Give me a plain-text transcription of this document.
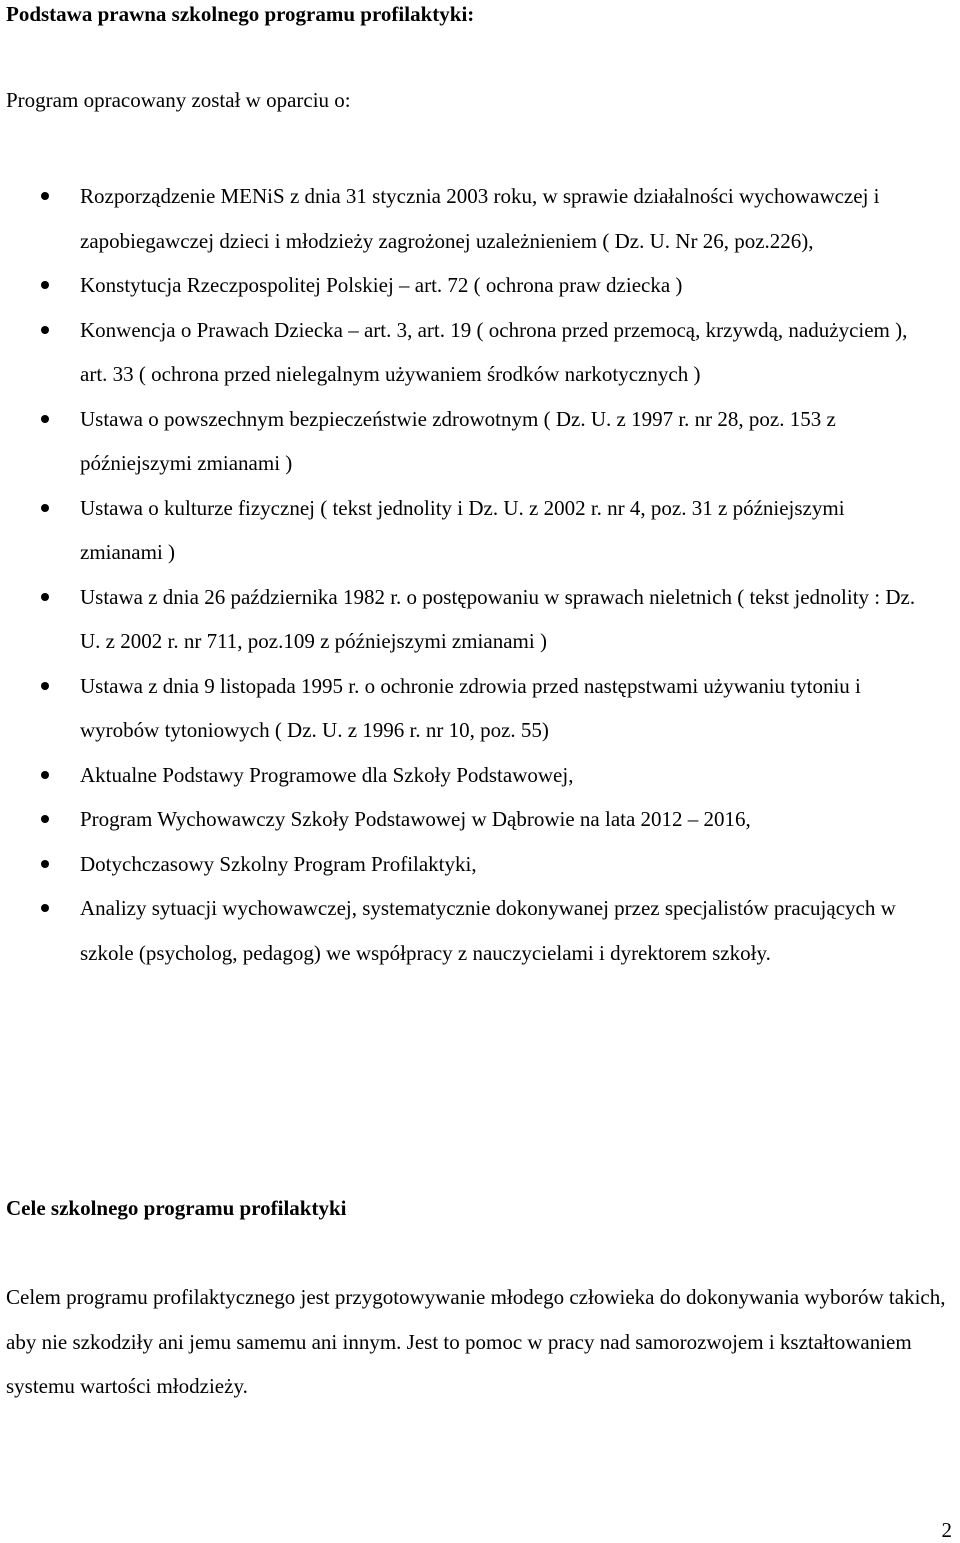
Podstawa prawna szkolnego programu profilaktyki:

Program opracowany został w oparciu o:

Rozporządzenie MENiS z dnia 31 stycznia 2003 roku, w sprawie działalności wychowawczej i zapobiegawczej dzieci i młodzieży zagrożonej uzależnieniem ( Dz. U. Nr 26, poz.226),
Konstytucja Rzeczpospolitej Polskiej – art. 72 ( ochrona praw dziecka )
Konwencja o Prawach Dziecka – art. 3, art. 19 ( ochrona przed przemocą, krzywdą, nadużyciem ), art. 33 ( ochrona przed nielegalnym używaniem środków narkotycznych )
Ustawa o powszechnym bezpieczeństwie zdrowotnym ( Dz. U. z 1997 r. nr 28, poz. 153 z późniejszymi zmianami )
Ustawa o kulturze fizycznej ( tekst jednolity i Dz. U. z 2002 r. nr 4, poz. 31 z późniejszymi zmianami )
Ustawa z dnia 26 października 1982 r. o postępowaniu w sprawach nieletnich ( tekst jednolity : Dz. U. z 2002 r. nr 711, poz.109 z późniejszymi zmianami )
Ustawa z dnia 9 listopada 1995 r. o ochronie zdrowia przed następstwami używaniu tytoniu i wyrobów tytoniowych ( Dz. U. z 1996 r. nr 10, poz. 55)
Aktualne Podstawy Programowe dla Szkoły Podstawowej,
Program Wychowawczy Szkoły Podstawowej w Dąbrowie na lata 2012 – 2016,
Dotychczasowy Szkolny Program Profilaktyki,
Analizy sytuacji wychowawczej, systematycznie dokonywanej przez specjalistów pracujących w szkole (psycholog, pedagog) we współpracy z nauczycielami i dyrektorem szkoły.
Cele szkolnego programu profilaktyki

Celem programu profilaktycznego jest przygotowywanie młodego człowieka do dokonywania wyborów takich, aby nie szkodziły ani jemu samemu ani innym. Jest to pomoc w pracy nad samorozwojem i kształtowaniem systemu wartości młodzieży.

2
